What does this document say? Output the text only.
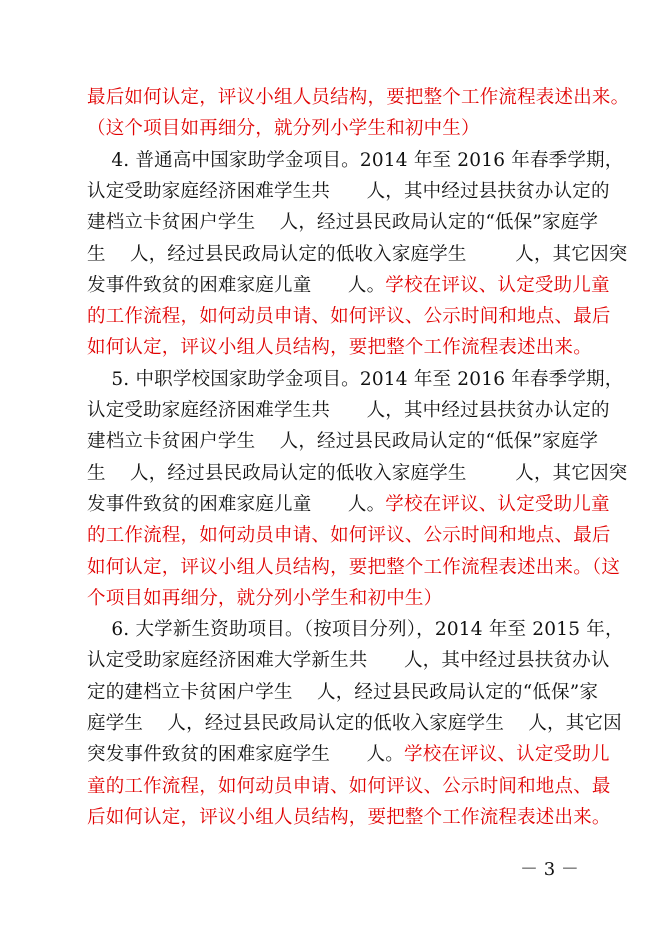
最后如何认定，评议小组人员结构，要把整个工作流程表述出来。
（这个项目如再细分，就分列小学生和初中生）
4. 普通高中国家助学金项目。2014 年至 2016 年春季学期，
认定受助家庭经济困难学生共      人，其中经过县扶贫办认定的
建档立卡贫困户学生    人，经过县民政局认定的“低保”家庭学
生    人，经过县民政局认定的低收入家庭学生        人，其它因突
发事件致贫的困难家庭儿童      人。学校在评议、认定受助儿童
的工作流程，如何动员申请、如何评议、公示时间和地点、最后
如何认定，评议小组人员结构，要把整个工作流程表述出来。
5. 中职学校国家助学金项目。2014 年至 2016 年春季学期，
认定受助家庭经济困难学生共      人，其中经过县扶贫办认定的
建档立卡贫困户学生    人，经过县民政局认定的“低保”家庭学
生    人，经过县民政局认定的低收入家庭学生        人，其它因突
发事件致贫的困难家庭儿童      人。学校在评议、认定受助儿童
的工作流程，如何动员申请、如何评议、公示时间和地点、最后
如何认定，评议小组人员结构，要把整个工作流程表述出来。（这
个项目如再细分，就分列小学生和初中生）
6. 大学新生资助项目。（按项目分列），2014 年至 2015 年，
认定受助家庭经济困难大学新生共      人，其中经过县扶贫办认
定的建档立卡贫困户学生    人，经过县民政局认定的“低保”家
庭学生    人，经过县民政局认定的低收入家庭学生    人，其它因
突发事件致贫的困难家庭学生      人。学校在评议、认定受助儿
童的工作流程，如何动员申请、如何评议、公示时间和地点、最
后如何认定，评议小组人员结构，要把整个工作流程表述出来。
－ 3 －
